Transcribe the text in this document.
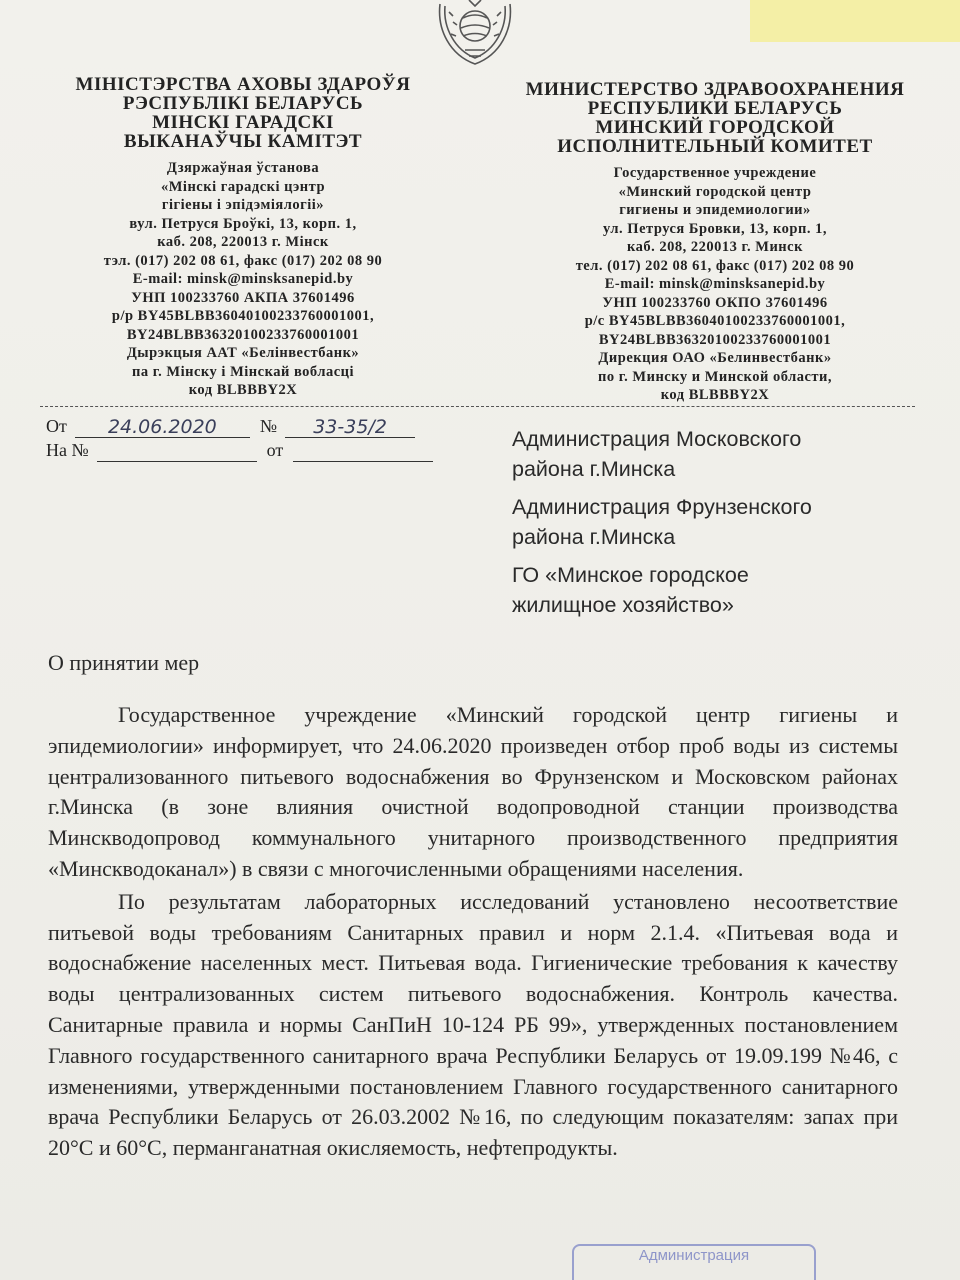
МІНІСТЭРСТВА АХОВЫ ЗДАРОЎЯ
РЭСПУБЛІКІ БЕЛАРУСЬ
МІНСКІ ГАРАДСКІ
ВЫКАНАЎЧЫ КАМІТЭТ
Дзяржаўная ўстанова
«Мінскі гарадскі цэнтр
гігіены і эпідэміялогіі»
вул. Петруся Броўкі, 13, корп. 1,
каб. 208, 220013 г. Мінск
тэл. (017) 202 08 61, факс (017) 202 08 90
E-mail: minsk@minsksanepid.by
УНП 100233760 АКПА 37601496
р/р BY45BLBB36040100233760001001,
BY24BLBB36320100233760001001
Дырэкцыя ААТ «Белінвестбанк»
па г. Мінску і Мінскай вобласці
код BLBBBY2X
МИНИСТЕРСТВО ЗДРАВООХРАНЕНИЯ
РЕСПУБЛИКИ БЕЛАРУСЬ
МИНСКИЙ ГОРОДСКОЙ
ИСПОЛНИТЕЛЬНЫЙ КОМИТЕТ
Государственное учреждение
«Минский городской центр
гигиены и эпидемиологии»
ул. Петруся Бровки, 13, корп. 1,
каб. 208, 220013 г. Минск
тел. (017) 202 08 61, факс (017) 202 08 90
E-mail: minsk@minsksanepid.by
УНП 100233760 ОКПО 37601496
р/с BY45BLBB36040100233760001001,
BY24BLBB36320100233760001001
Дирекция ОАО «Белинвестбанк»
по г. Минску и Минской области,
код BLBBBY2X
От	24.06.2020	№	33-35/2
На №	от	Администрация Московского
района г.Минска
Администрация Фрунзенского
района г.Минска
ГО «Минское городское
жилищное хозяйство»
О принятии мер

Государственное учреждение «Минский городской центр гигиены и эпидемиологии» информирует, что 24.06.2020 произведен отбор проб воды из системы централизованного питьевого водоснабжения во Фрунзенском и Московском районах г.Минска (в зоне влияния очистной водопроводной станции производства Минскводопровод коммунального унитарного производственного предприятия «Минскводоканал») в связи с многочисленными обращениями населения.

По результатам лабораторных исследований установлено несоответствие питьевой воды требованиям Санитарных правил и норм 2.1.4. «Питьевая вода и водоснабжение населенных мест. Питьевая вода. Гигиенические требования к качеству воды централизованных систем питьевого водоснабжения. Контроль качества. Санитарные правила и нормы СанПиН 10-124 РБ 99», утвержденных постановлением Главного государственного санитарного врача Республики Беларусь от 19.09.199 №46, с изменениями, утвержденными постановлением Главного государственного санитарного врача Республики Беларусь от 26.03.2002 №16, по следующим показателям: запах при 20°С и 60°С, перманганатная окисляемость, нефтепродукты.

Администрация
